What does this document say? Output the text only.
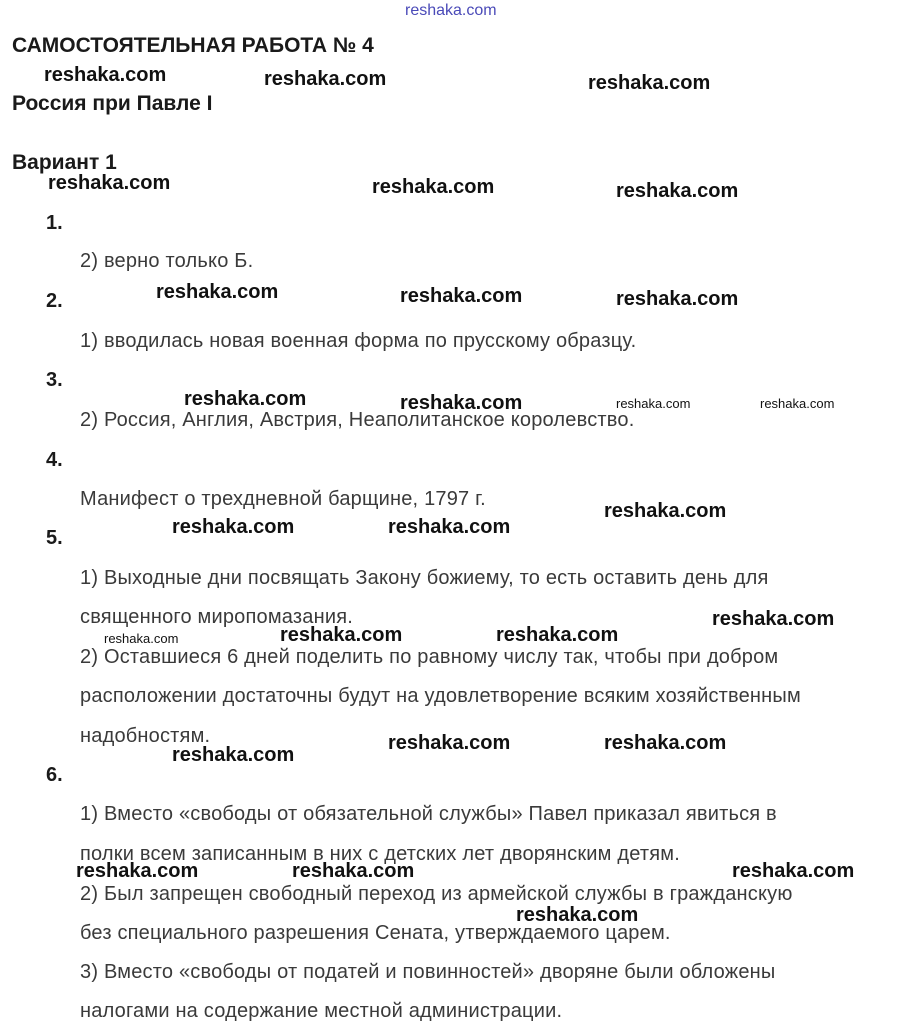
reshaka.com
САМОСТОЯТЕЛЬНАЯ РАБОТА № 4
Россия при Павле I
Вариант 1
1.
2) верно только Б.
2.
1) вводилась новая военная форма по прусскому образцу.
3.
2) Россия, Англия, Австрия, Неаполитанское королевство.
4.
Манифест о трехдневной барщине, 1797 г.
5.
1) Выходные дни посвящать Закону божиему, то есть оставить день для
священного миропомазания.
2) Оставшиеся 6 дней поделить по равному числу так, чтобы при добром
расположении достаточны будут на удовлетворение всяким хозяйственным
надобностям.
6.
1) Вместо «свободы от обязательной службы» Павел приказал явиться в
полки всем записанным в них с детских лет дворянским детям.
2) Был запрещен свободный переход из армейской службы в гражданскую
без специального разрешения Сената, утверждаемого царем.
3) Вместо «свободы от податей и повинностей» дворяне были обложены
налогами на содержание местной администрации.
reshaka.com	reshaka.com	reshaka.com
reshaka.com	reshaka.com	reshaka.com
reshaka.com	reshaka.com	reshaka.com
reshaka.com	reshaka.com	reshaka.com	reshaka.com
reshaka.com
reshaka.com	reshaka.com
reshaka.com
reshaka.com	reshaka.com	reshaka.com
reshaka.com	reshaka.com
reshaka.com
reshaka.com	reshaka.com	reshaka.com
reshaka.com
